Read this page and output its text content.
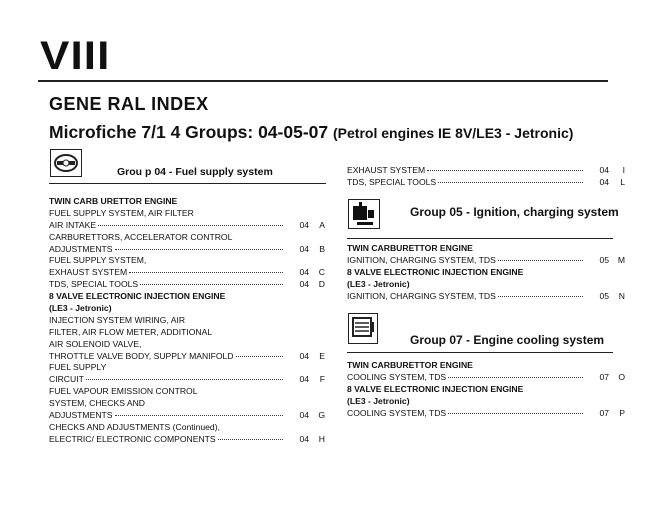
VIII
GENE RAL INDEX
Microfiche 7/1 4 Groups: 04-05-07 (Petrol engines IE 8V/LE3 - Jetronic)
Grou p 04 - Fuel supply system
Group 05 - Ignition, charging system
Group 07 - Engine cooling system
TWIN CARB URETTOR ENGINE
FUEL SUPPLY SYSTEM, AIR FILTER
AIR INTAKE	04	A
CARBURETTORS, ACCELERATOR CONTROL
ADJUSTMENTS	04	B
FUEL SUPPLY SYSTEM,
EXHAUST SYSTEM	04	C
TDS, SPECIAL TOOLS	04	D
8 VALVE ELECTRONIC INJECTION ENGINE
(LE3 - Jetronic)
INJECTION SYSTEM WIRING, AIR
FILTER, AIR FLOW METER, ADDITIONAL
AIR SOLENOID VALVE,
THROTTLE VALVE BODY, SUPPLY MANIFOLD	04	E
FUEL SUPPLY
CIRCUIT	04	F
FUEL VAPOUR EMISSION CONTROL
SYSTEM, CHECKS AND
ADJUSTMENTS	04	G
CHECKS AND ADJUSTMENTS (Continued),
ELECTRIC/ ELECTRONIC COMPONENTS	04	H
EXHAUST SYSTEM	04	I
TDS, SPECIAL TOOLS	04	L
TWIN CARBURETTOR ENGINE
IGNITION, CHARGING SYSTEM, TDS	05	M
8 VALVE ELECTRONIC INJECTION ENGINE
(LE3 - Jetronic)
IGNITION, CHARGING SYSTEM, TDS	05	N
TWIN CARBURETTOR ENGINE
COOLING SYSTEM, TDS	07	O
8 VALVE ELECTRONIC INJECTION ENGINE
(LE3 - Jetronic)
COOLING SYSTEM, TDS	07	P
